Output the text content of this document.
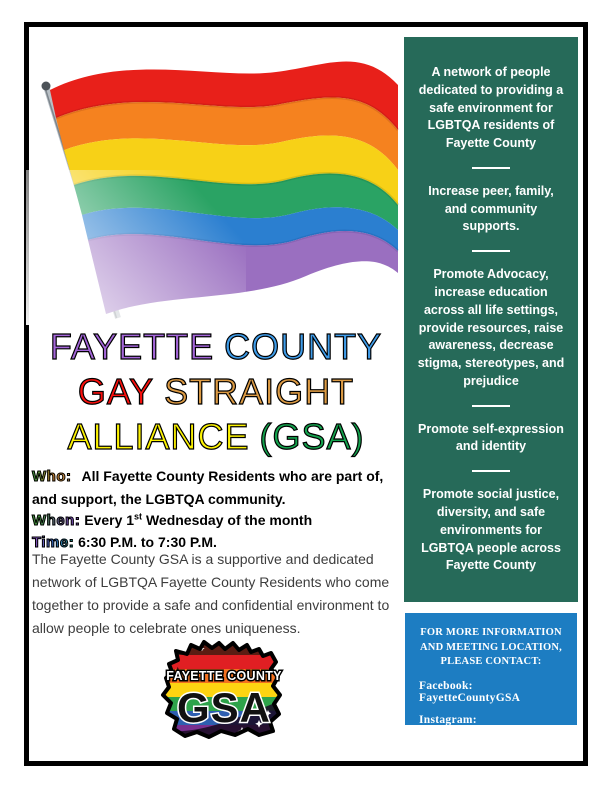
FAYETTE COUNTY
GAY STRAIGHT
ALLIANCE (GSA)
Who: All Fayette County Residents who are part of, and support, the LGBTQA community.
When: Every 1st Wednesday of the month
Time: 6:30 P.M. to 7:30 P.M.

The Fayette County GSA is a supportive and dedicated network of LGBTQA Fayette County Residents who come together to provide a safe and confidential environment to allow people to celebrate ones uniqueness.

FAYETTE COUNTY
GSA

A network of people dedicated to providing a safe environment for LGBTQA residents of Fayette County

Increase peer, family, and community supports.

Promote Advocacy, increase education across all life settings, provide resources, raise awareness, decrease stigma, stereotypes, and prejudice

Promote self-expression and identity

Promote social justice, diversity, and safe environments for LGBTQA people across Fayette County

FOR MORE INFORMATION AND MEETING LOCATION, PLEASE CONTACT:
Facebook: FayetteCountyGSA
Instagram: fayette_county_gsa
